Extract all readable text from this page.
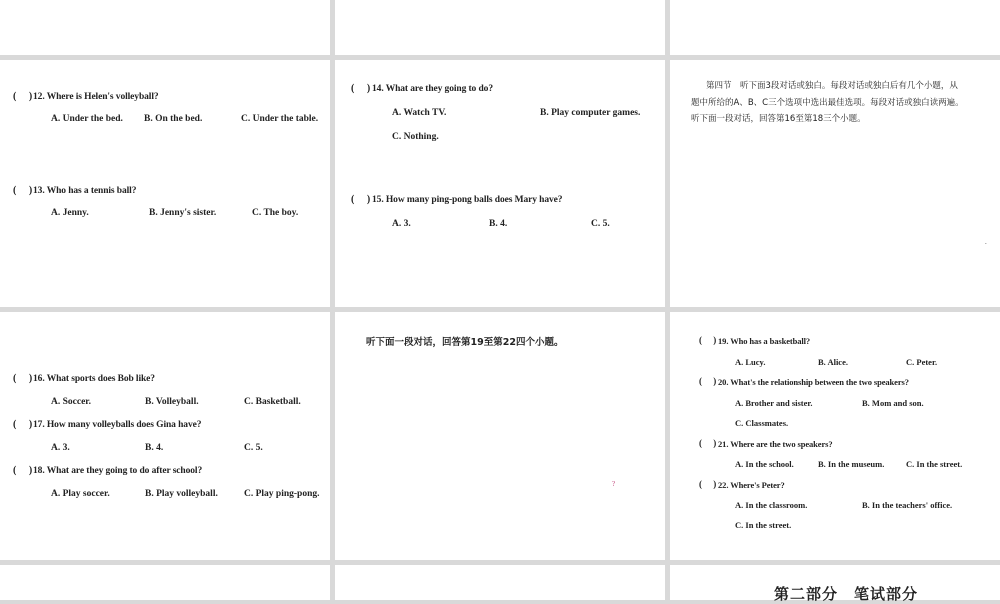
(     ) 12. Where is Helen's volleyball?
A. Under the bed. B. On the bed.	C. Under the table.
(     ) 13. Who has a tennis ball?
A. Jenny.	B. Jenny's sister.	C. The boy.
(     ) 14. What are they going to do?
A. Watch TV.	B. Play computer games.
C. Nothing.
(     ) 15. How many ping-pong balls does Mary have?
A. 3.	B. 4.	C. 5.
第四节　听下面3段对话或独白。每段对话或独白后有几个小题，从
题中所给的A、B、C三个选项中选出最佳选项。每段对话或独白读两遍。
听下面一段对话，回答第16至第18三个小题。
.
(     ) 16. What sports does Bob like?
A. Soccer.	B. Volleyball.	C. Basketball.
(     ) 17. How many volleyballs does Gina have?
A. 3.	B. 4.	C. 5.
(     ) 18. What are they going to do after school?
A. Play soccer.	B. Play volleyball.	C. Play ping-pong.
听下面一段对话，回答第19至第22四个小题。
?
(     ) 19. Who has a basketball?
A. Lucy.	B. Alice.	C. Peter.
(     ) 20. What's the relationship between the two speakers?
A. Brother and sister.	B. Mom and son.
C. Classmates.
(     ) 21. Where are the two speakers?
A. In the school.	B. In the museum.	C. In the street.
(     ) 22. Where's Peter?
A. In the classroom.	B. In the teachers' office.
C. In the street.
第二部分　笔试部分
